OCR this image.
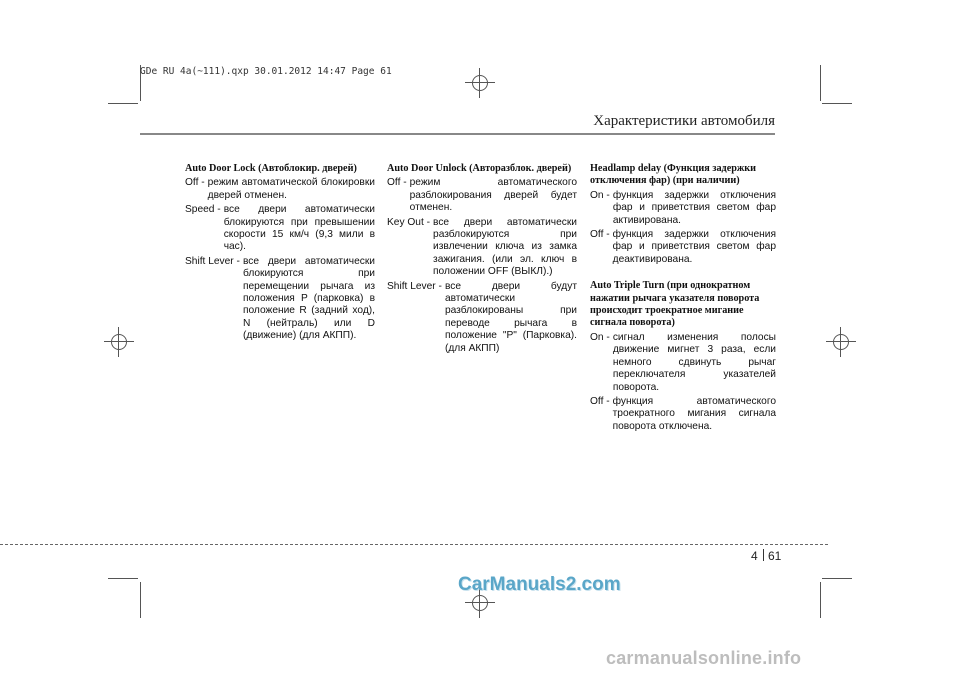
GDe RU 4a(~111).qxp 30.01.2012 14:47 Page 61
Характеристики автомобиля
Auto Door Lock (Автоблокир. дверей)
Off - режим автоматической блокировки дверей отменен.
Speed - все двери автоматически блокируются при превышении скорости 15 км/ч (9,3 мили в час).
Shift Lever - все двери автоматически блокируются при перемещении рычага из положения P (парковка) в положение R (задний ход), N (нейтраль) или D (движение) (для АКПП).
Auto Door Unlock (Авторазблок. дверей)
Off - режим автоматического разблокирования дверей будет отменен.
Key Out - все двери автоматически разблокируются при извлечении ключа из замка зажигания. (или эл. ключ в положении OFF (ВЫКЛ).)
Shift Lever - все двери будут автоматически разблокированы при переводе рычага в положение "P" (Парковка). (для АКПП)
Headlamp delay (Функция задержки отключения фар) (при наличии)
On - функция задержки отключения фар и приветствия светом фар активирована.
Off - функция задержки отключения фар и приветствия светом фар деактивирована.
Auto Triple Turn (при однократном нажатии рычага указателя поворота происходит троекратное мигание сигнала поворота)
On - сигнал изменения полосы движение мигнет 3 раза, если немного сдвинуть рычаг переключателя указателей поворота.
Off - функция автоматического троекратного мигания сигнала поворота отключена.
4 61
CarManuals2.com
carmanualsonline.info
